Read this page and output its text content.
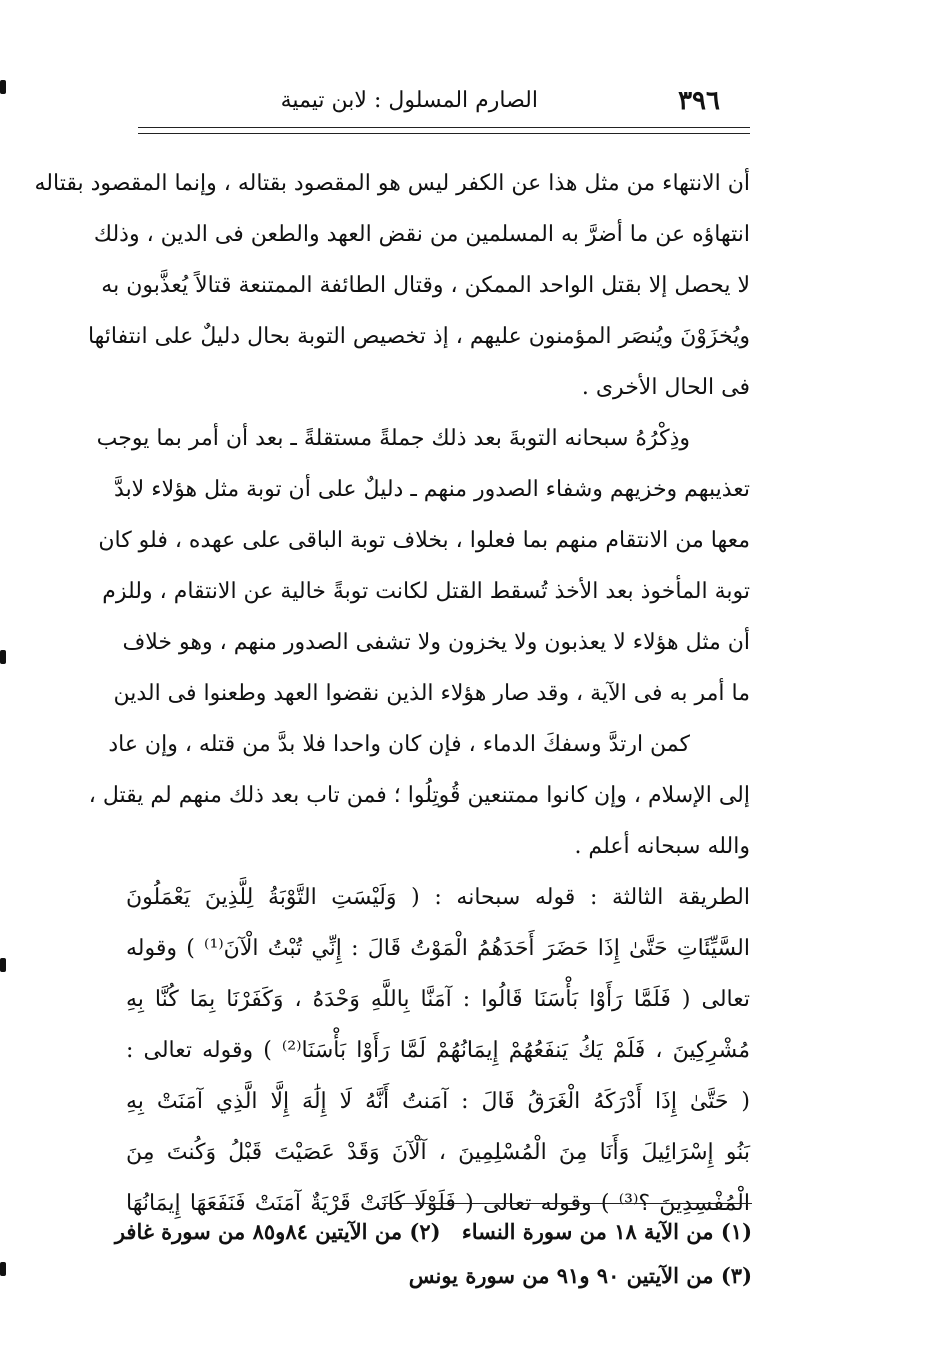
٣٩٦
الصارم المسلول : لابن تيمية
أن الانتهاء من مثل هذا عن الكفر ليس هو المقصود بقتاله ، وإنما المقصود بقتاله
انتهاؤه عن ما أضرَّ به المسلمين من نقض العهد والطعن فى الدين ، وذلك
لا يحصل إلا بقتل الواحد الممكن ، وقتال الطائفة الممتنعة قتالاً يُعذَّبون به
ويُخزَوْنَ ويُنصَر المؤمنون عليهم ، إذ تخصيص التوبة بحال دليلٌ على انتفائها
فى الحال الأخرى .
وذِكْرُهُ سبحانه التوبةَ بعد ذلك جملةً مستقلةً ـ بعد أن أمر بما يوجب
تعذيبهم وخزيهم وشفاء الصدور منهم ـ دليلٌ على أن توبة مثل هؤلاء لابدَّ
معها من الانتقام منهم بما فعلوا ، بخلاف توبة الباقى على عهده ، فلو كان
توبة المأخوذ بعد الأخذ تُسقط القتل لكانت توبةً خالية عن الانتقام ، وللزم
أن مثل هؤلاء لا يعذبون ولا يخزون ولا تشفى الصدور منهم ، وهو خلاف
ما أمر به فى الآية ، وقد صار هؤلاء الذين نقضوا العهد وطعنوا فى الدين
كمن ارتدَّ وسفكَ الدماء ، فإن كان واحدا فلا بدَّ من قتله ، وإن عاد
إلى الإسلام ، وإن كانوا ممتنعين قُوتِلُوا ؛ فمن تاب بعد ذلك منهم لم يقتل ،
والله سبحانه أعلم .
الطريقة الثالثة : قوله سبحانه : ( وَلَيْسَتِ التَّوْبَةُ لِلَّذِينَ يَعْمَلُونَ
السَّيِّئَاتِ حَتَّىٰ إِذَا حَضَرَ أَحَدَهُمُ الْمَوْتُ قَالَ : إِنِّي تُبْتُ الْآنَ⁽¹⁾ ) وقوله
تعالى ( فَلَمَّا رَأَوْا بَأْسَنَا قَالُوا : آمَنَّا بِاللَّهِ وَحْدَهُ ، وَكَفَرْنَا بِمَا كُنَّا بِهِ
مُشْرِكِينَ ، فَلَمْ يَكُ يَنفَعُهُمْ إِيمَانُهُمْ لَمَّا رَأَوْا بَأْسَنَا⁽²⁾ ) وقوله تعالى :
( حَتَّىٰ إِذَا أَدْرَكَهُ الْغَرَقُ قَالَ : آمَنتُ أَنَّهُ لَا إِلَٰهَ إِلَّا الَّذِي آمَنَتْ بِهِ
بَنُو إِسْرَائِيلَ وَأَنَا مِنَ الْمُسْلِمِينَ ، آلْآنَ وَقَدْ عَصَيْتَ قَبْلُ وَكُنتَ مِنَ
الْمُفْسِدِينَ ؟⁽³⁾ ) وقوله تعالى ( فَلَوْلَا كَانَتْ قَرْيَةٌ آمَنَتْ فَنَفَعَهَا إِيمَانُهَا
(١) من الآية ١٨ من سورة النساء (٢) من الآيتين ٨٤و٨٥ من سورة غافر
(٣) من الآيتين ٩٠ و٩١ من سورة يونس
